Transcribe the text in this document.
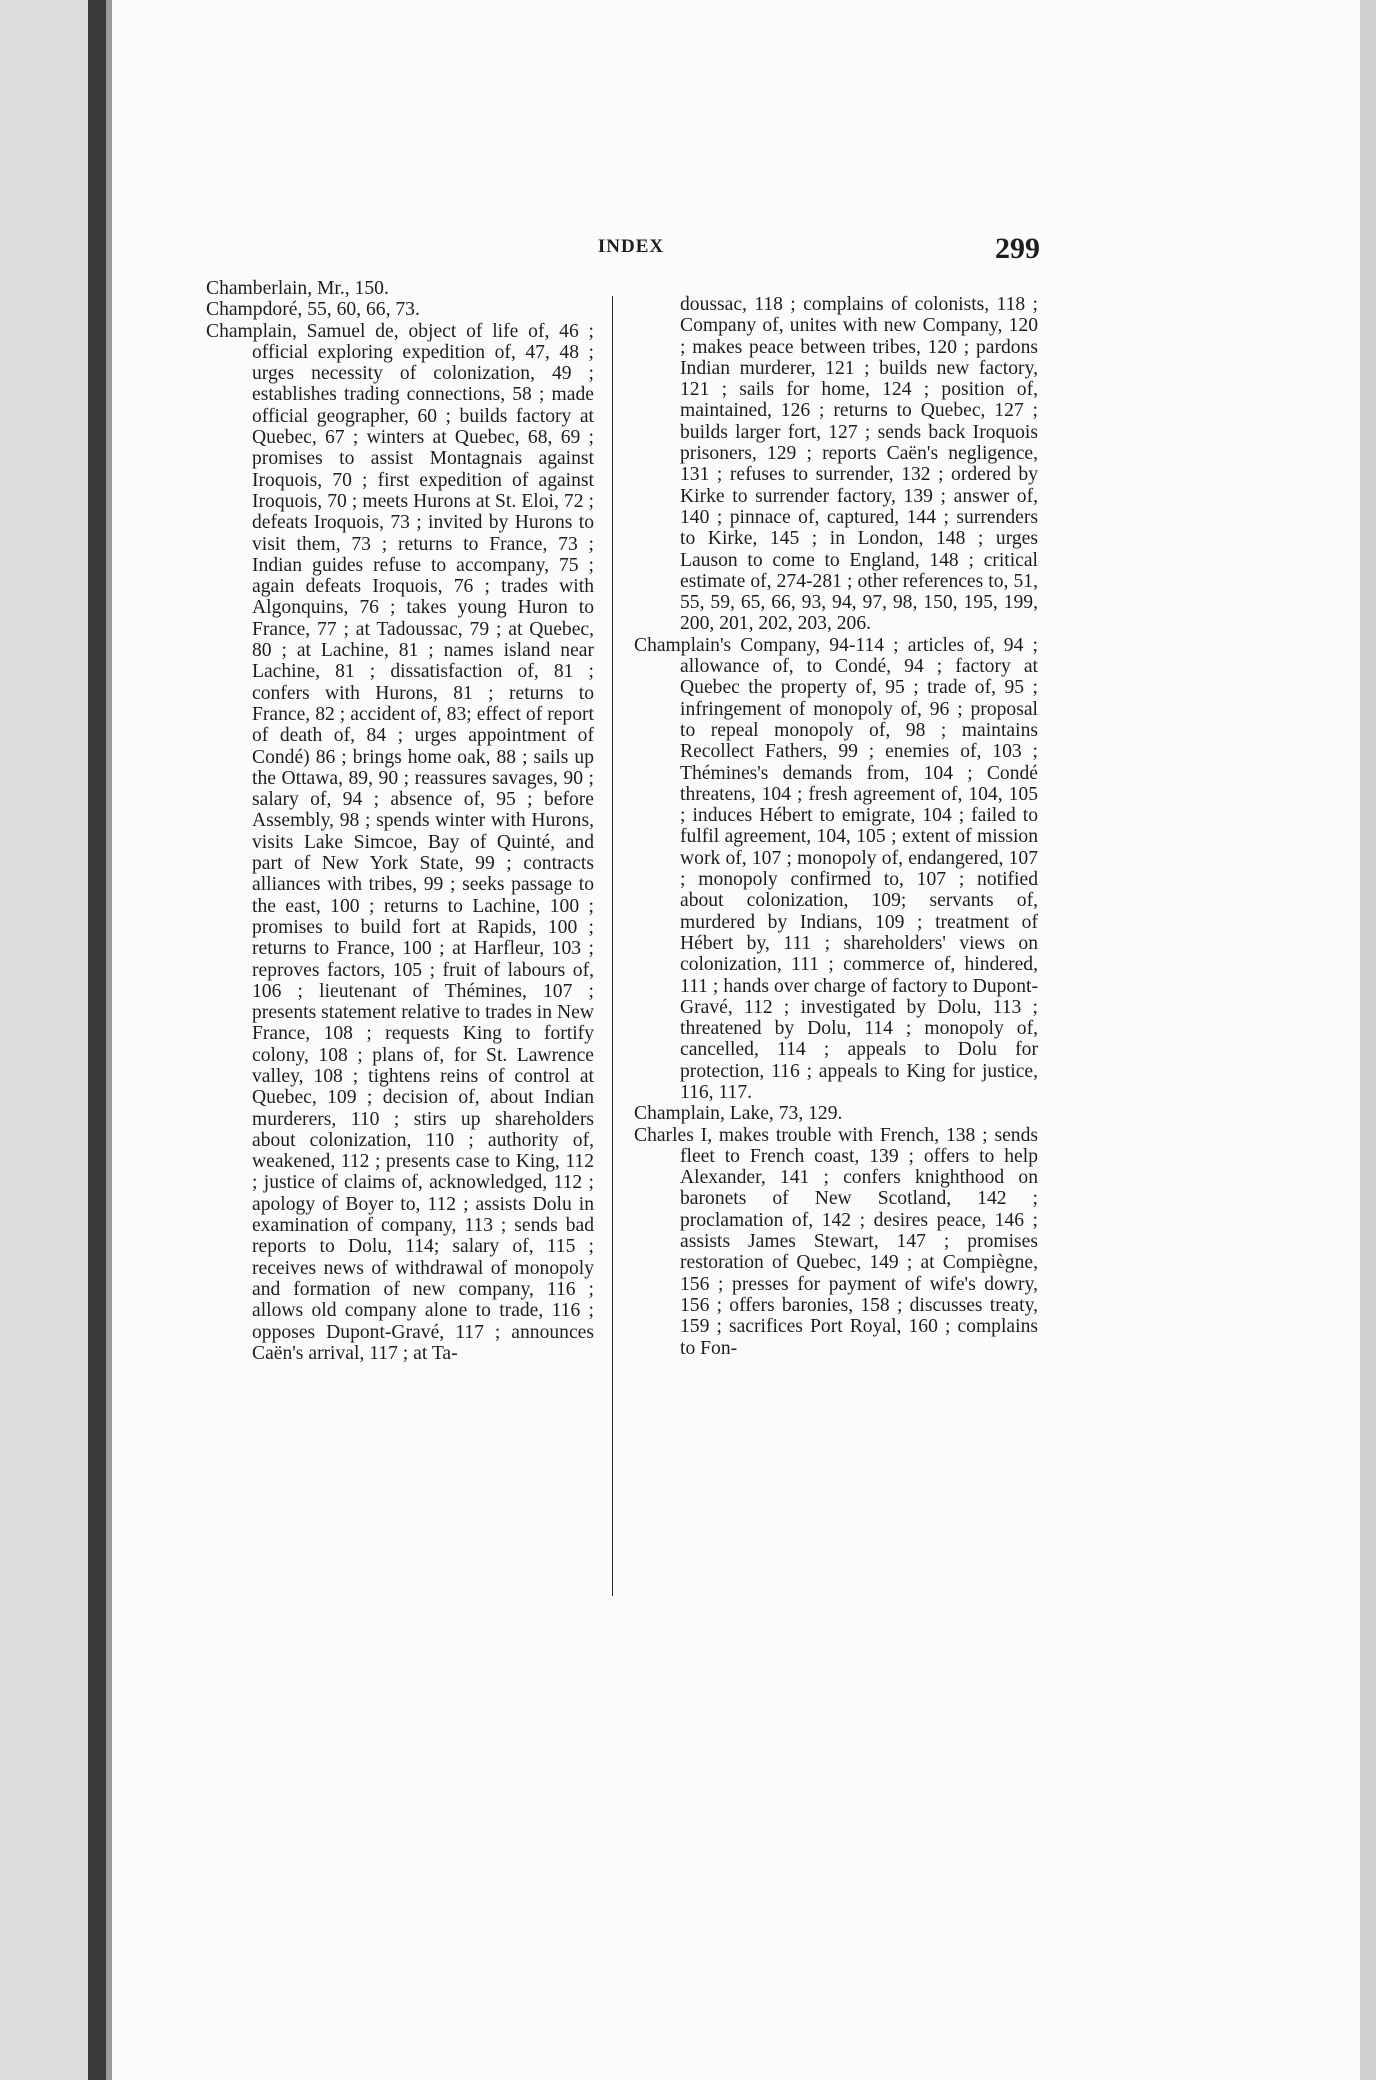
INDEX	299

Chamberlain, Mr., 150.

Champdoré, 55, 60, 66, 73.

Champlain, Samuel de, object of life of, 46 ; official exploring expedition of, 47, 48 ; urges necessity of colonization, 49 ; establishes trading connections, 58 ; made official geographer, 60 ; builds factory at Quebec, 67 ; winters at Quebec, 68, 69 ; promises to assist Montagnais against Iroquois, 70 ; first expedition of against Iroquois, 70 ; meets Hurons at St. Eloi, 72 ; defeats Iroquois, 73 ; invited by Hurons to visit them, 73 ; returns to France, 73 ; Indian guides refuse to accompany, 75 ; again defeats Iroquois, 76 ; trades with Algonquins, 76 ; takes young Huron to France, 77 ; at Tadoussac, 79 ; at Quebec, 80 ; at Lachine, 81 ; names island near Lachine, 81 ; dissatisfaction of, 81 ; confers with Hurons, 81 ; returns to France, 82 ; accident of, 83; effect of report of death of, 84 ; urges appointment of Condé) 86 ; brings home oak, 88 ; sails up the Ottawa, 89, 90 ; reassures savages, 90 ; salary of, 94 ; absence of, 95 ; before Assembly, 98 ; spends winter with Hurons, visits Lake Simcoe, Bay of Quinté, and part of New York State, 99 ; contracts alliances with tribes, 99 ; seeks passage to the east, 100 ; returns to Lachine, 100 ; promises to build fort at Rapids, 100 ; returns to France, 100 ; at Harfleur, 103 ; reproves factors, 105 ; fruit of labours of, 106 ; lieutenant of Thémines, 107 ; presents statement relative to trades in New France, 108 ; requests King to fortify colony, 108 ; plans of, for St. Lawrence valley, 108 ; tightens reins of control at Quebec, 109 ; decision of, about Indian murderers, 110 ; stirs up shareholders about colonization, 110 ; authority of, weakened, 112 ; presents case to King, 112 ; justice of claims of, acknowledged, 112 ; apology of Boyer to, 112 ; assists Dolu in examination of company, 113 ; sends bad reports to Dolu, 114; salary of, 115 ; receives news of withdrawal of monopoly and formation of new company, 116 ; allows old company alone to trade, 116 ; opposes Dupont-Gravé, 117 ; announces Caën's arrival, 117 ; at Ta-

doussac, 118 ; complains of colonists, 118 ; Company of, unites with new Company, 120 ; makes peace between tribes, 120 ; pardons Indian murderer, 121 ; builds new factory, 121 ; sails for home, 124 ; position of, maintained, 126 ; returns to Quebec, 127 ; builds larger fort, 127 ; sends back Iroquois prisoners, 129 ; reports Caën's negligence, 131 ; refuses to surrender, 132 ; ordered by Kirke to surrender factory, 139 ; answer of, 140 ; pinnace of, captured, 144 ; surrenders to Kirke, 145 ; in London, 148 ; urges Lauson to come to England, 148 ; critical estimate of, 274-281 ; other references to, 51, 55, 59, 65, 66, 93, 94, 97, 98, 150, 195, 199, 200, 201, 202, 203, 206.

Champlain's Company, 94-114 ; articles of, 94 ; allowance of, to Condé, 94 ; factory at Quebec the property of, 95 ; trade of, 95 ; infringement of monopoly of, 96 ; proposal to repeal monopoly of, 98 ; maintains Recollect Fathers, 99 ; enemies of, 103 ; Thémines's demands from, 104 ; Condé threatens, 104 ; fresh agreement of, 104, 105 ; induces Hébert to emigrate, 104 ; failed to fulfil agreement, 104, 105 ; extent of mission work of, 107 ; monopoly of, endangered, 107 ; monopoly confirmed to, 107 ; notified about colonization, 109; servants of, murdered by Indians, 109 ; treatment of Hébert by, 111 ; shareholders' views on colonization, 111 ; commerce of, hindered, 111 ; hands over charge of factory to Dupont-Gravé, 112 ; investigated by Dolu, 113 ; threatened by Dolu, 114 ; monopoly of, cancelled, 114 ; appeals to Dolu for protection, 116 ; appeals to King for justice, 116, 117.

Champlain, Lake, 73, 129.

Charles I, makes trouble with French, 138 ; sends fleet to French coast, 139 ; offers to help Alexander, 141 ; confers knighthood on baronets of New Scotland, 142 ; proclamation of, 142 ; desires peace, 146 ; assists James Stewart, 147 ; promises restoration of Quebec, 149 ; at Compiègne, 156 ; presses for payment of wife's dowry, 156 ; offers baronies, 158 ; discusses treaty, 159 ; sacrifices Port Royal, 160 ; complains to Fon-
